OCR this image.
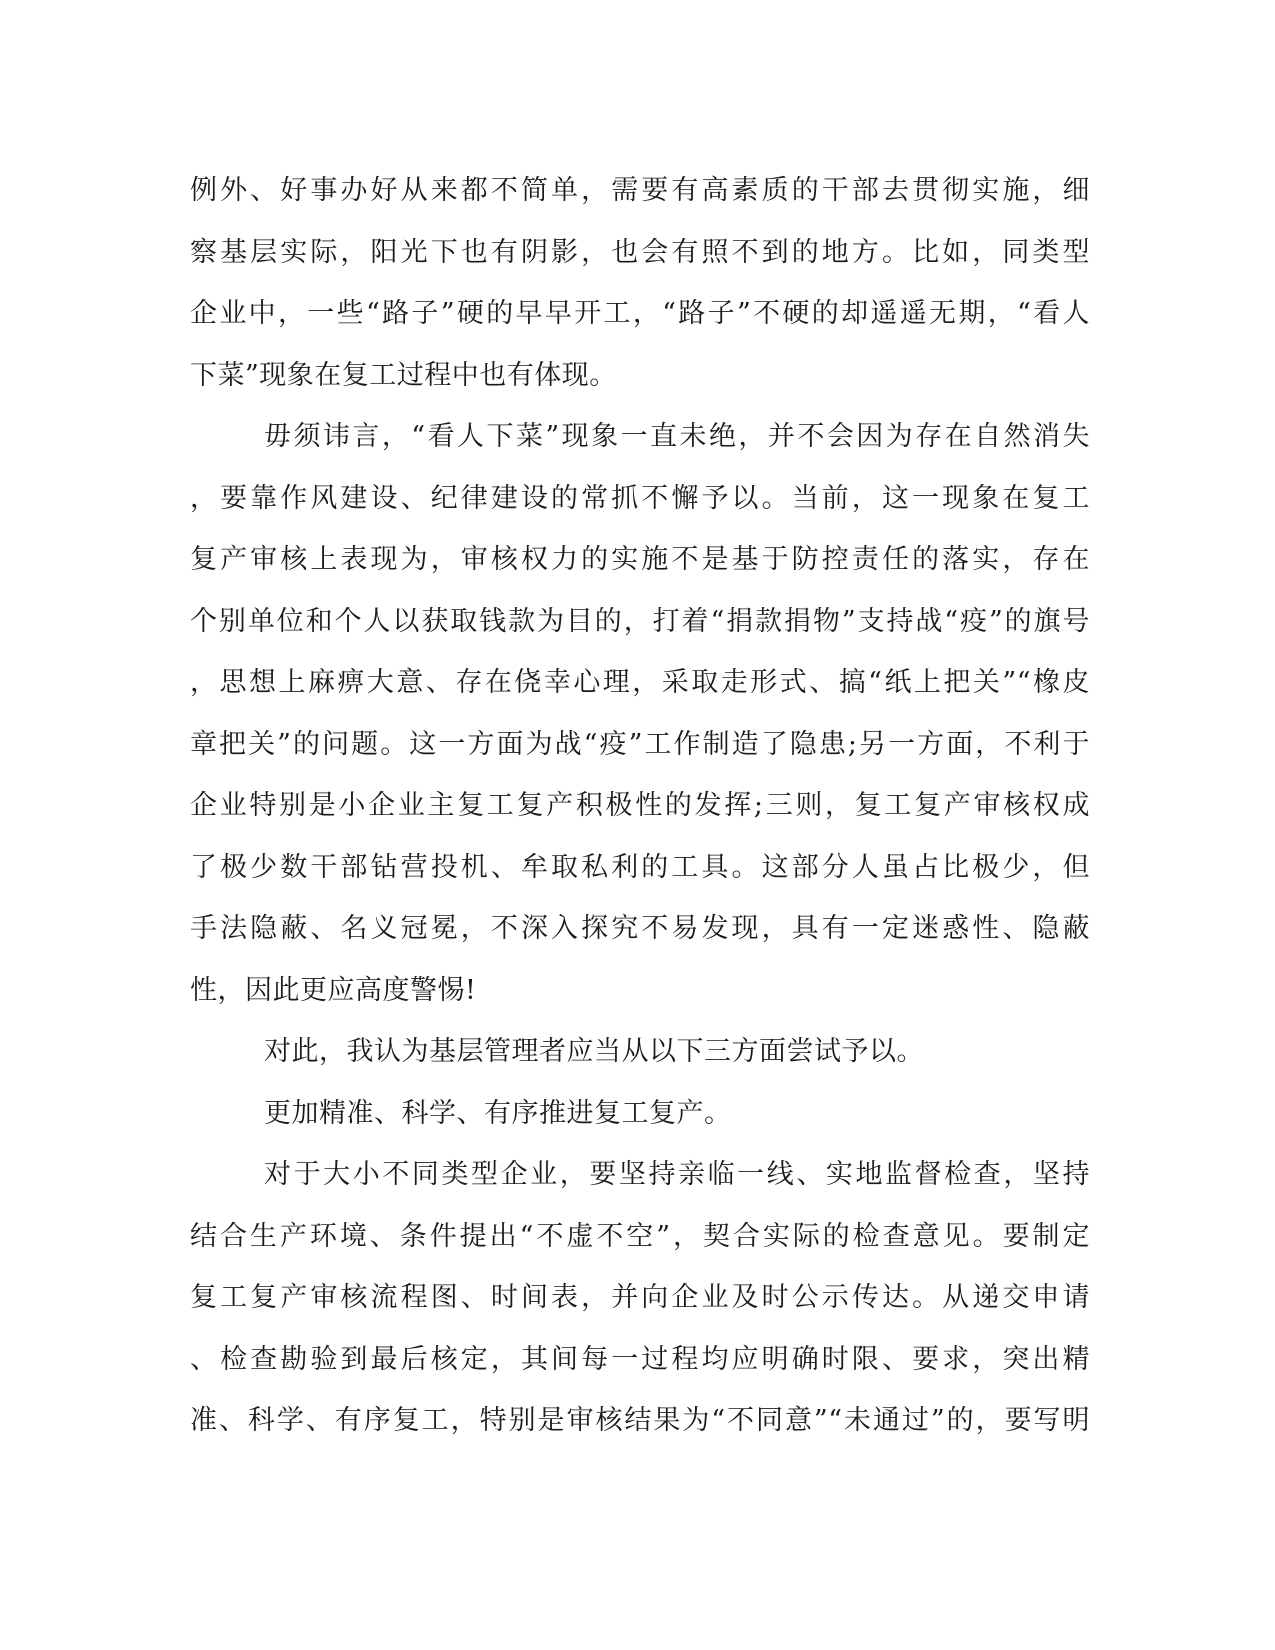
例外、好事办好从来都不简单，需要有高素质的干部去贯彻实施，细
察基层实际，阳光下也有阴影，也会有照不到的地方。比如，同类型
企业中，一些“路子”硬的早早开工，“路子”不硬的却遥遥无期，“看人
下菜”现象在复工过程中也有体现。
毋须讳言，“看人下菜”现象一直未绝，并不会因为存在自然消失
，要靠作风建设、纪律建设的常抓不懈予以。当前，这一现象在复工
复产审核上表现为，审核权力的实施不是基于防控责任的落实，存在
个别单位和个人以获取钱款为目的，打着“捐款捐物”支持战“疫”的旗号
，思想上麻痹大意、存在侥幸心理，采取走形式、搞“纸上把关”“橡皮
章把关”的问题。这一方面为战“疫”工作制造了隐患;另一方面，不利于
企业特别是小企业主复工复产积极性的发挥;三则，复工复产审核权成
了极少数干部钻营投机、牟取私利的工具。这部分人虽占比极少，但
手法隐蔽、名义冠冕，不深入探究不易发现，具有一定迷惑性、隐蔽
性，因此更应高度警惕!
对此，我认为基层管理者应当从以下三方面尝试予以。
更加精准、科学、有序推进复工复产。
对于大小不同类型企业，要坚持亲临一线、实地监督检查，坚持
结合生产环境、条件提出“不虚不空”，契合实际的检查意见。要制定
复工复产审核流程图、时间表，并向企业及时公示传达。从递交申请
、检查勘验到最后核定，其间每一过程均应明确时限、要求，突出精
准、科学、有序复工，特别是审核结果为“不同意”“未通过”的，要写明
